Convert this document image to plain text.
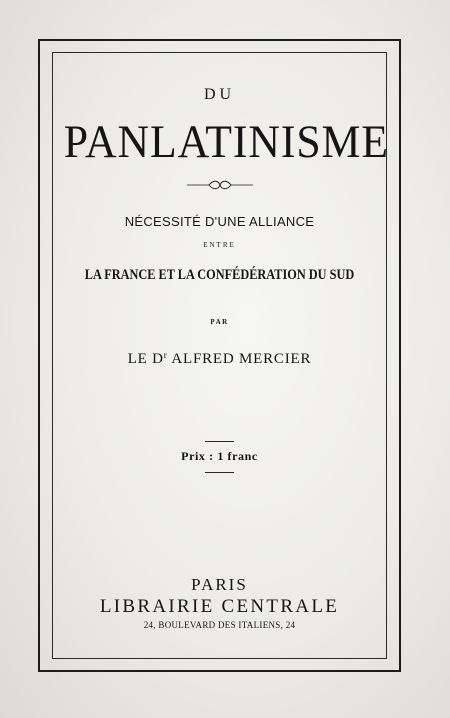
DU
PANLATINISME
NÉCESSITÉ D'UNE ALLIANCE
ENTRE
LA FRANCE ET LA CONFÉDÉRATION DU SUD
PAR
LE $D^r$ ALFRED MERCIER
Prix : 1 franc
PARIS
LIBRAIRIE CENTRALE
24, BOULEVARD DES ITALIENS, 24
